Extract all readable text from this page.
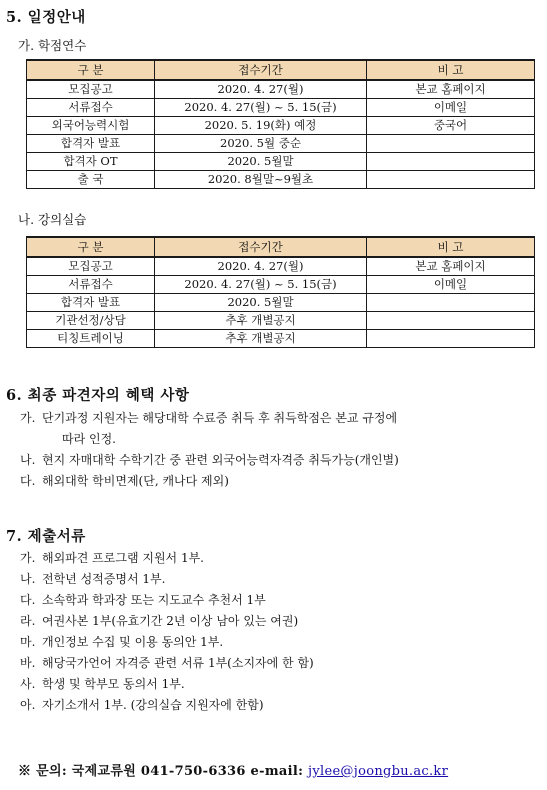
5. 일정안내
가. 학점연수
구 분	접수기간	비 고
모집공고	2020. 4. 27(월)	본교 홈페이지
서류접수	2020. 4. 27(월) ~ 5. 15(금)	이메일
외국어능력시험	2020. 5. 19(화) 예정	중국어
합격자 발표	2020. 5월 중순	
합격자 OT	2020. 5월말	
출 국	2020. 8월말~9월초	
나. 강의실습
구 분	접수기간	비 고
모집공고	2020. 4. 27(월)	본교 홈페이지
서류접수	2020. 4. 27(월) ~ 5. 15(금)	이메일
합격자 발표	2020. 5월말	
기관선정/상담	추후 개별공지	
티칭트레이닝	추후 개별공지	
6. 최종 파견자의 혜택 사항
가. 단기과정 지원자는 해당대학 수료증 취득 후 취득학점은 본교 규정에
따라 인정.
나. 현지 자매대학 수학기간 중 관련 외국어능력자격증 취득가능(개인별)
다. 해외대학 학비면제(단, 캐나다 제외)
7. 제출서류
가. 해외파견 프로그램 지원서 1부.
나. 전학년 성적증명서 1부.
다. 소속학과 학과장 또는 지도교수 추천서 1부
라. 여권사본 1부(유효기간 2년 이상 남아 있는 여권)
마. 개인정보 수집 및 이용 동의안 1부.
바. 해당국가언어 자격증 관련 서류 1부(소지자에 한 함)
사. 학생 및 학부모 동의서 1부.
아. 자기소개서 1부. (강의실습 지원자에 한함)
※ 문의: 국제교류원 041-750-6336 e-mail: jylee@joongbu.ac.kr
